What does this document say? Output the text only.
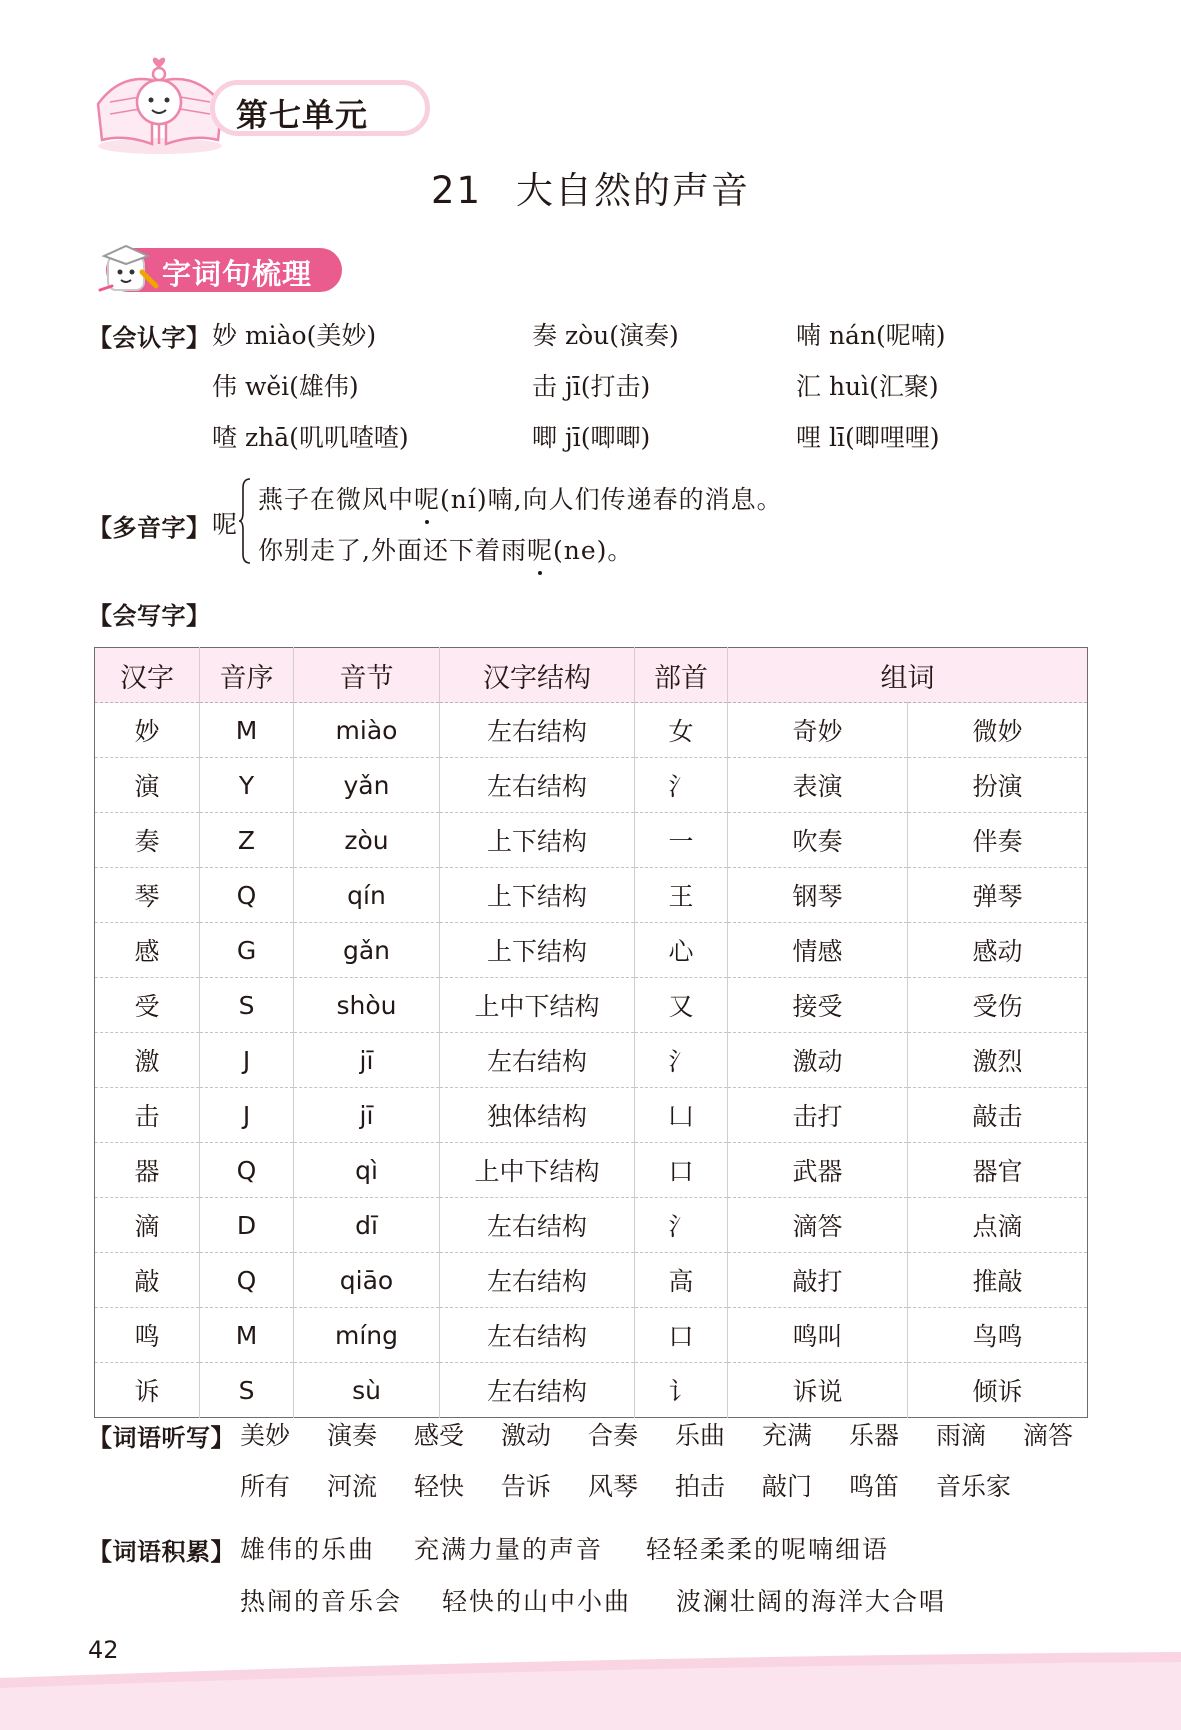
第七单元
21 大自然的声音
字词句梳理
【会认字】 妙 miào(美妙)	奏 zòu(演奏)	喃 nán(呢喃)
伟 wěi(雄伟)	击 jī(打击)	汇 huì(汇聚)
喳 zhā(叽叽喳喳)	唧 jī(唧唧)	哩 lī(唧哩哩)
【多音字】 呢
燕子在微风中呢(ní)喃,向人们传递春的消息。
你别走了,外面还下着雨呢(ne)。
【会写字】
汉字	音序	音节	汉字结构	部首	组词	
妙	M	miào	左右结构	女	奇妙	微妙
演	Y	yǎn	左右结构	氵	表演	扮演
奏	Z	zòu	上下结构	一	吹奏	伴奏
琴	Q	qín	上下结构	王	钢琴	弹琴
感	G	gǎn	上下结构	心	情感	感动
受	S	shòu	上中下结构	又	接受	受伤
激	J	jī	左右结构	氵	激动	激烈
击	J	jī	独体结构	凵	击打	敲击
器	Q	qì	上中下结构	口	武器	器官
滴	D	dī	左右结构	氵	滴答	点滴
敲	Q	qiāo	左右结构	高	敲打	推敲
鸣	M	míng	左右结构	口	鸣叫	鸟鸣
诉	S	sù	左右结构	讠	诉说	倾诉
【词语听写】 美妙 演奏 感受 激动 合奏 乐曲 充满 乐器 雨滴 滴答
所有 河流 轻快 告诉 风琴 拍击 敲门 鸣笛 音乐家
【词语积累】 雄伟的乐曲 充满力量的声音 轻轻柔柔的呢喃细语
热闹的音乐会 轻快的山中小曲 波澜壮阔的海洋大合唱
42
